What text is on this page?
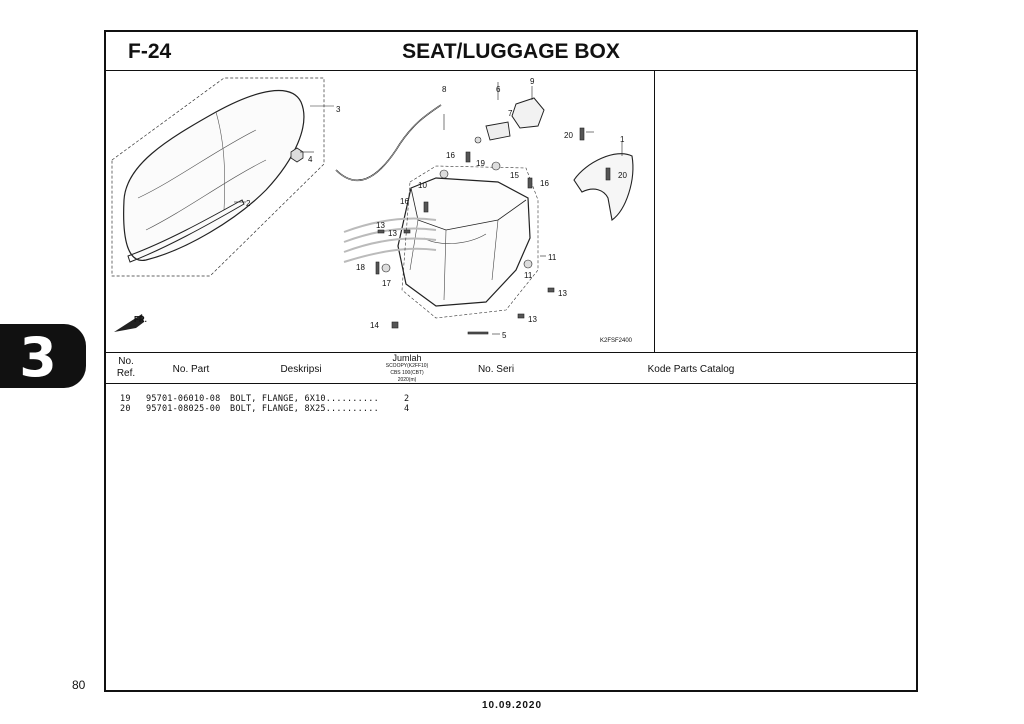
3
80
10.09.2020
F-24	SEAT/LUGGAGE BOX
9
8	6
7
3
4
2
1
20
20
16
19
15
16
10
16
13
13
11
11
18
17
13
13
14
5
FR.
K2FSF2400
No.
Ref.	No. Part	Deskripsi
Jumlah
SCOOPY(K2FF10)
CBS 100(CBT)
2020(m)
No. Seri	Kode Parts Catalog
19 95701-06010-08 BOLT, FLANGE, 6X10..........	2
20 95701-08025-00 BOLT, FLANGE, 8X25..........	4
